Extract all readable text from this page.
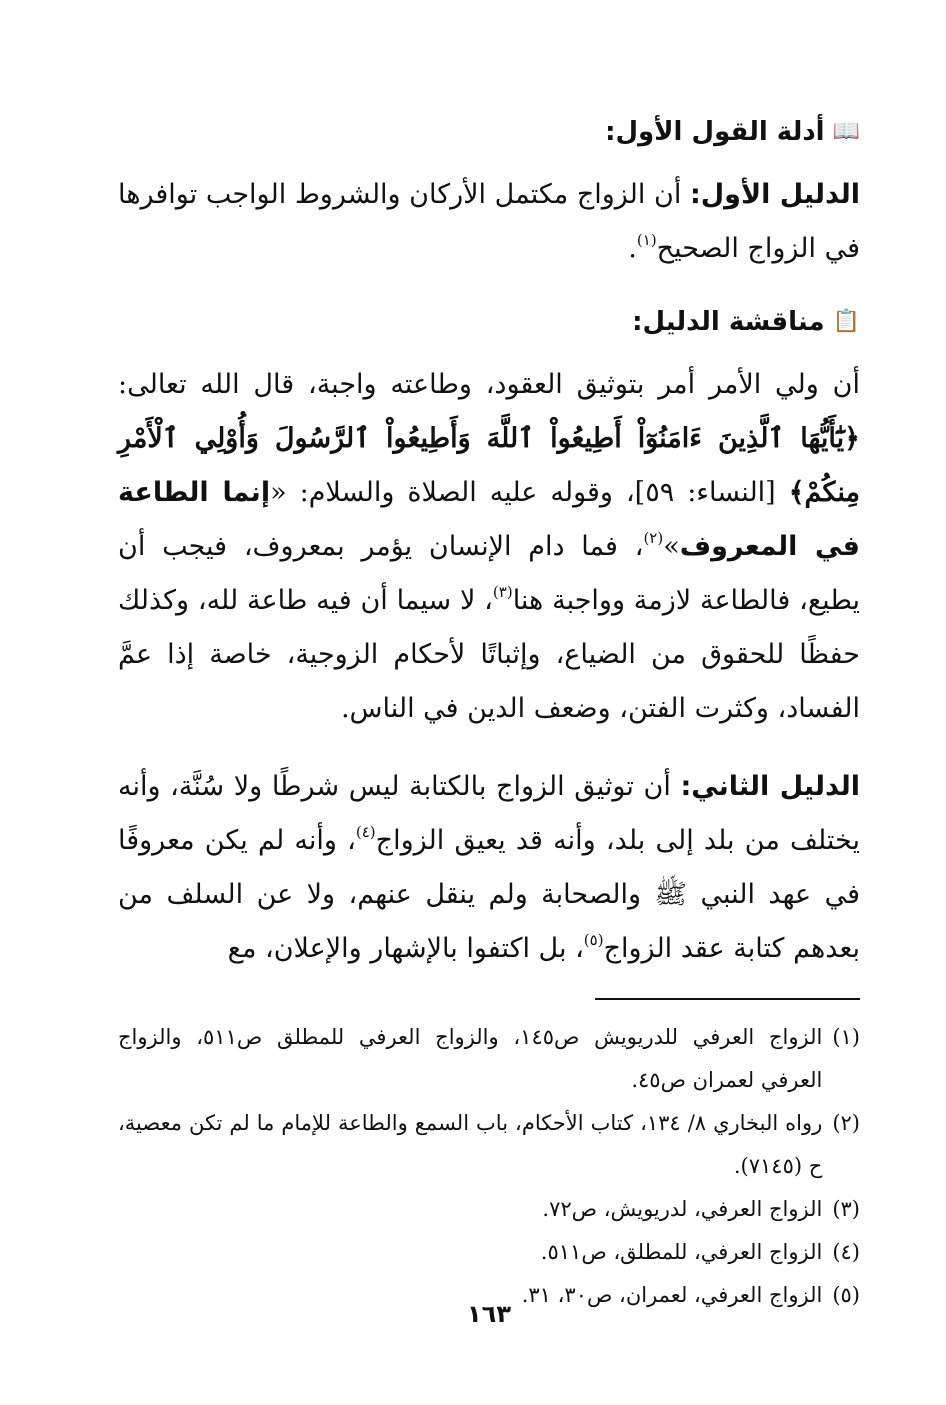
📖
أدلة القول الأول:

الدليل الأول: أن الزواج مكتمل الأركان والشروط الواجب توافرها في الزواج الصحيح$^{(١)}$.

📋
مناقشة الدليل:

أن ولي الأمر أمر بتوثيق العقود، وطاعته واجبة، قال الله تعالى: ﴿يَٰٓأَيُّهَا ٱلَّذِينَ ءَامَنُوٓاْ أَطِيعُواْ ٱللَّهَ وَأَطِيعُواْ ٱلرَّسُولَ وَأُوْلِي ٱلْأَمْرِ مِنكُمْ﴾ [النساء: ٥٩]، وقوله عليه الصلاة والسلام: «إنما الطاعة في المعروف»$^{(٢)}$، فما دام الإنسان يؤمر بمعروف، فيجب أن يطيع، فالطاعة لازمة وواجبة هنا$^{(٣)}$، لا سيما أن فيه طاعة لله، وكذلك حفظًا للحقوق من الضياع، وإثباتًا لأحكام الزوجية، خاصة إذا عمَّ الفساد، وكثرت الفتن، وضعف الدين في الناس.

الدليل الثاني: أن توثيق الزواج بالكتابة ليس شرطًا ولا سُنَّة، وأنه يختلف من بلد إلى بلد، وأنه قد يعيق الزواج$^{(٤)}$، وأنه لم يكن معروفًا في عهد النبي ﷺ والصحابة ولم ينقل عنهم، ولا عن السلف من بعدهم كتابة عقد الزواج$^{(٥)}$، بل اكتفوا بالإشهار والإعلان، مع

(١)
الزواج العرفي للدريويش ص١٤٥، والزواج العرفي للمطلق ص٥١١، والزواج العرفي لعمران ص٤٥.

(٢)
رواه البخاري ٨/ ١٣٤، كتاب الأحكام، باب السمع والطاعة للإمام ما لم تكن معصية، ح (٧١٤٥).

(٣)
الزواج العرفي، لدريويش، ص٧٢.

(٤)
الزواج العرفي، للمطلق، ص٥١١.

(٥)
الزواج العرفي، لعمران، ص٣٠، ٣١.

١٦٣
